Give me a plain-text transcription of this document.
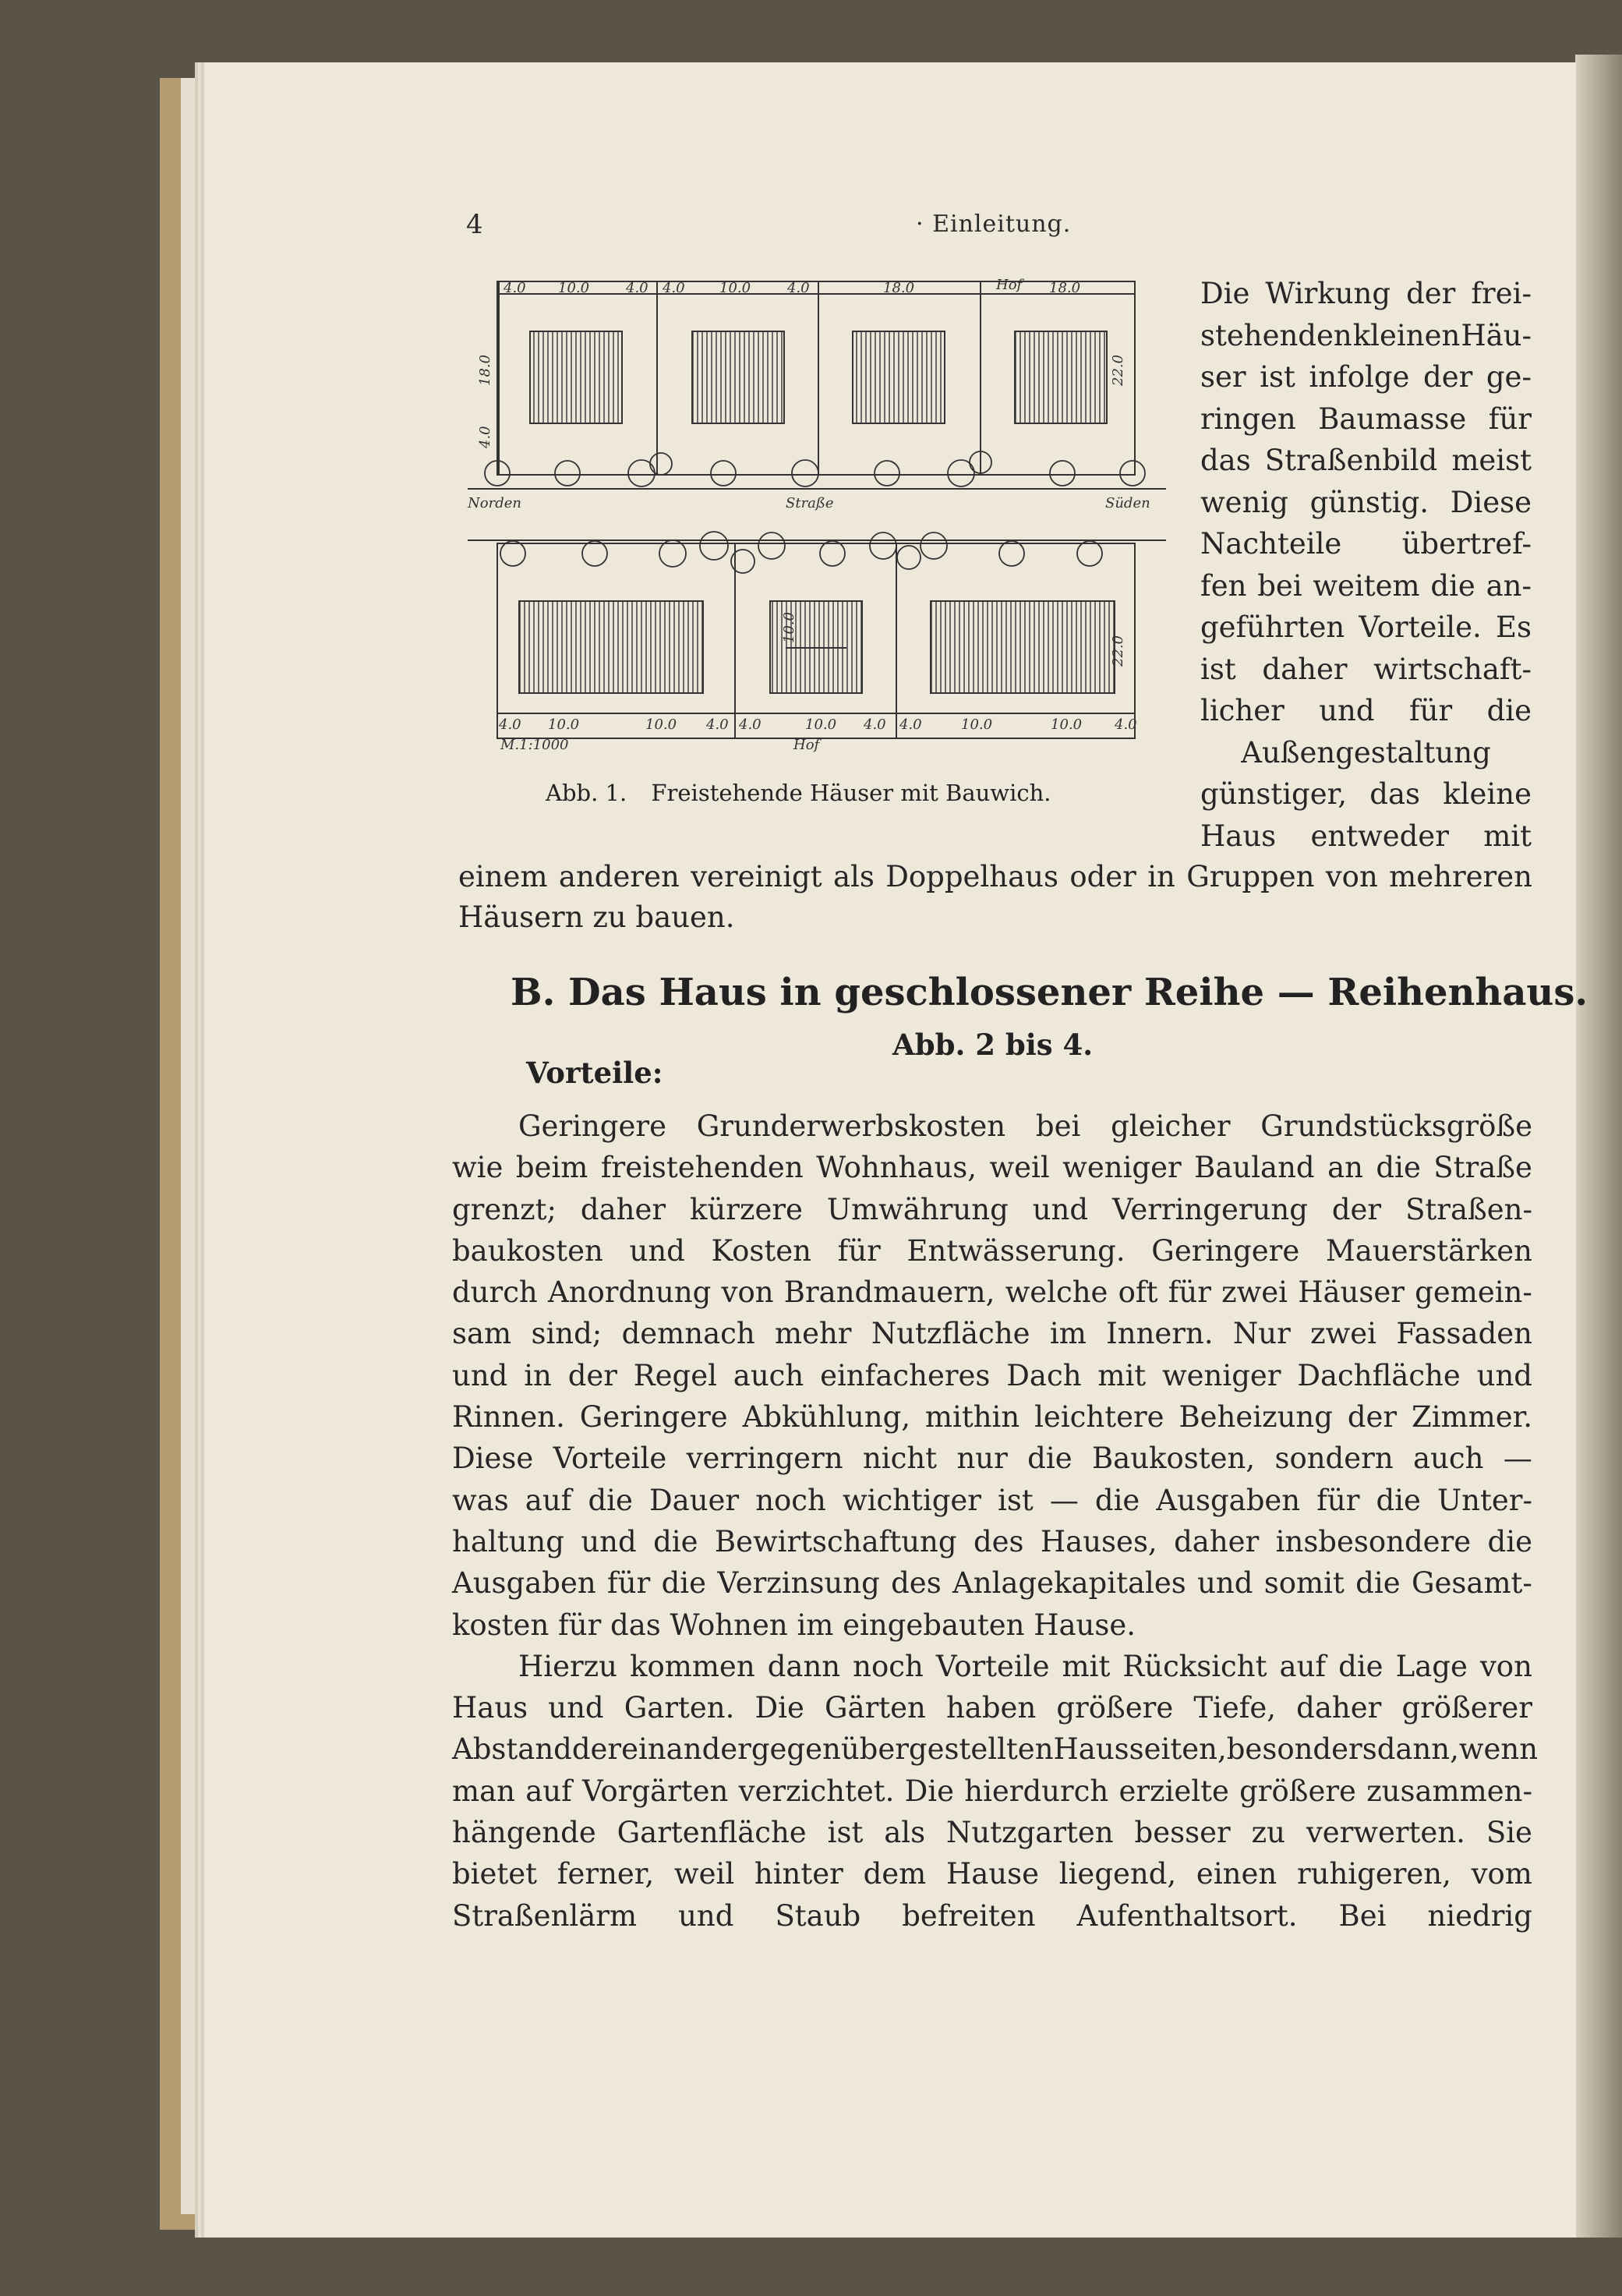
4	· Einleitung.
4.0 10.0	4.0 4.0 10.0	4.0	18.0	Hof 18.0
18.0
4.0
22.0
Norden	Straße	Süden
22.0
10.0
4.0 10.0	10.0 4.0 4.0	10.0 4.0 4.0	10.0	10.0 4.0
M.1:1000	Hof
Abb. 1. Freistehende Häuser mit Bauwich.
Die Wirkung der frei-
stehenden kleinen Häu-
ser ist infolge der ge-
ringen Baumasse für
das Straßenbild meist
wenig günstig. Diese
Nachteile übertref-
fen bei weitem die an-
geführten Vorteile. Es
ist daher wirtschaft-
licher und für die
Außengestaltung
günstiger, das kleine
Haus entweder mit
einem anderen vereinigt als Doppelhaus oder in Gruppen von mehreren
Häusern zu bauen.
B. Das Haus in geschlossener Reihe — Reihenhaus.
Abb. 2 bis 4.
Vorteile:
Geringere Grunderwerbskosten bei gleicher Grundstücksgröße
wie beim freistehenden Wohnhaus, weil weniger Bauland an die Straße
grenzt; daher kürzere Umwährung und Verringerung der Straßen-
baukosten und Kosten für Entwässerung. Geringere Mauerstärken
durch Anordnung von Brandmauern, welche oft für zwei Häuser gemein-
sam sind; demnach mehr Nutzfläche im Innern. Nur zwei Fassaden
und in der Regel auch einfacheres Dach mit weniger Dachfläche und
Rinnen. Geringere Abkühlung, mithin leichtere Beheizung der Zimmer.
Diese Vorteile verringern nicht nur die Baukosten, sondern auch —
was auf die Dauer noch wichtiger ist — die Ausgaben für die Unter-
haltung und die Bewirtschaftung des Hauses, daher insbesondere die
Ausgaben für die Verzinsung des Anlagekapitales und somit die Gesamt-
kosten für das Wohnen im eingebauten Hause.
Hierzu kommen dann noch Vorteile mit Rücksicht auf die Lage von
Haus und Garten. Die Gärten haben größere Tiefe, daher größerer
Abstand der einander gegenübergestellten Hausseiten, besonders dann, wenn
man auf Vorgärten verzichtet. Die hierdurch erzielte größere zusammen-
hängende Gartenfläche ist als Nutzgarten besser zu verwerten. Sie
bietet ferner, weil hinter dem Hause liegend, einen ruhigeren, vom
Straßenlärm und Staub befreiten Aufenthaltsort. Bei niedrig
